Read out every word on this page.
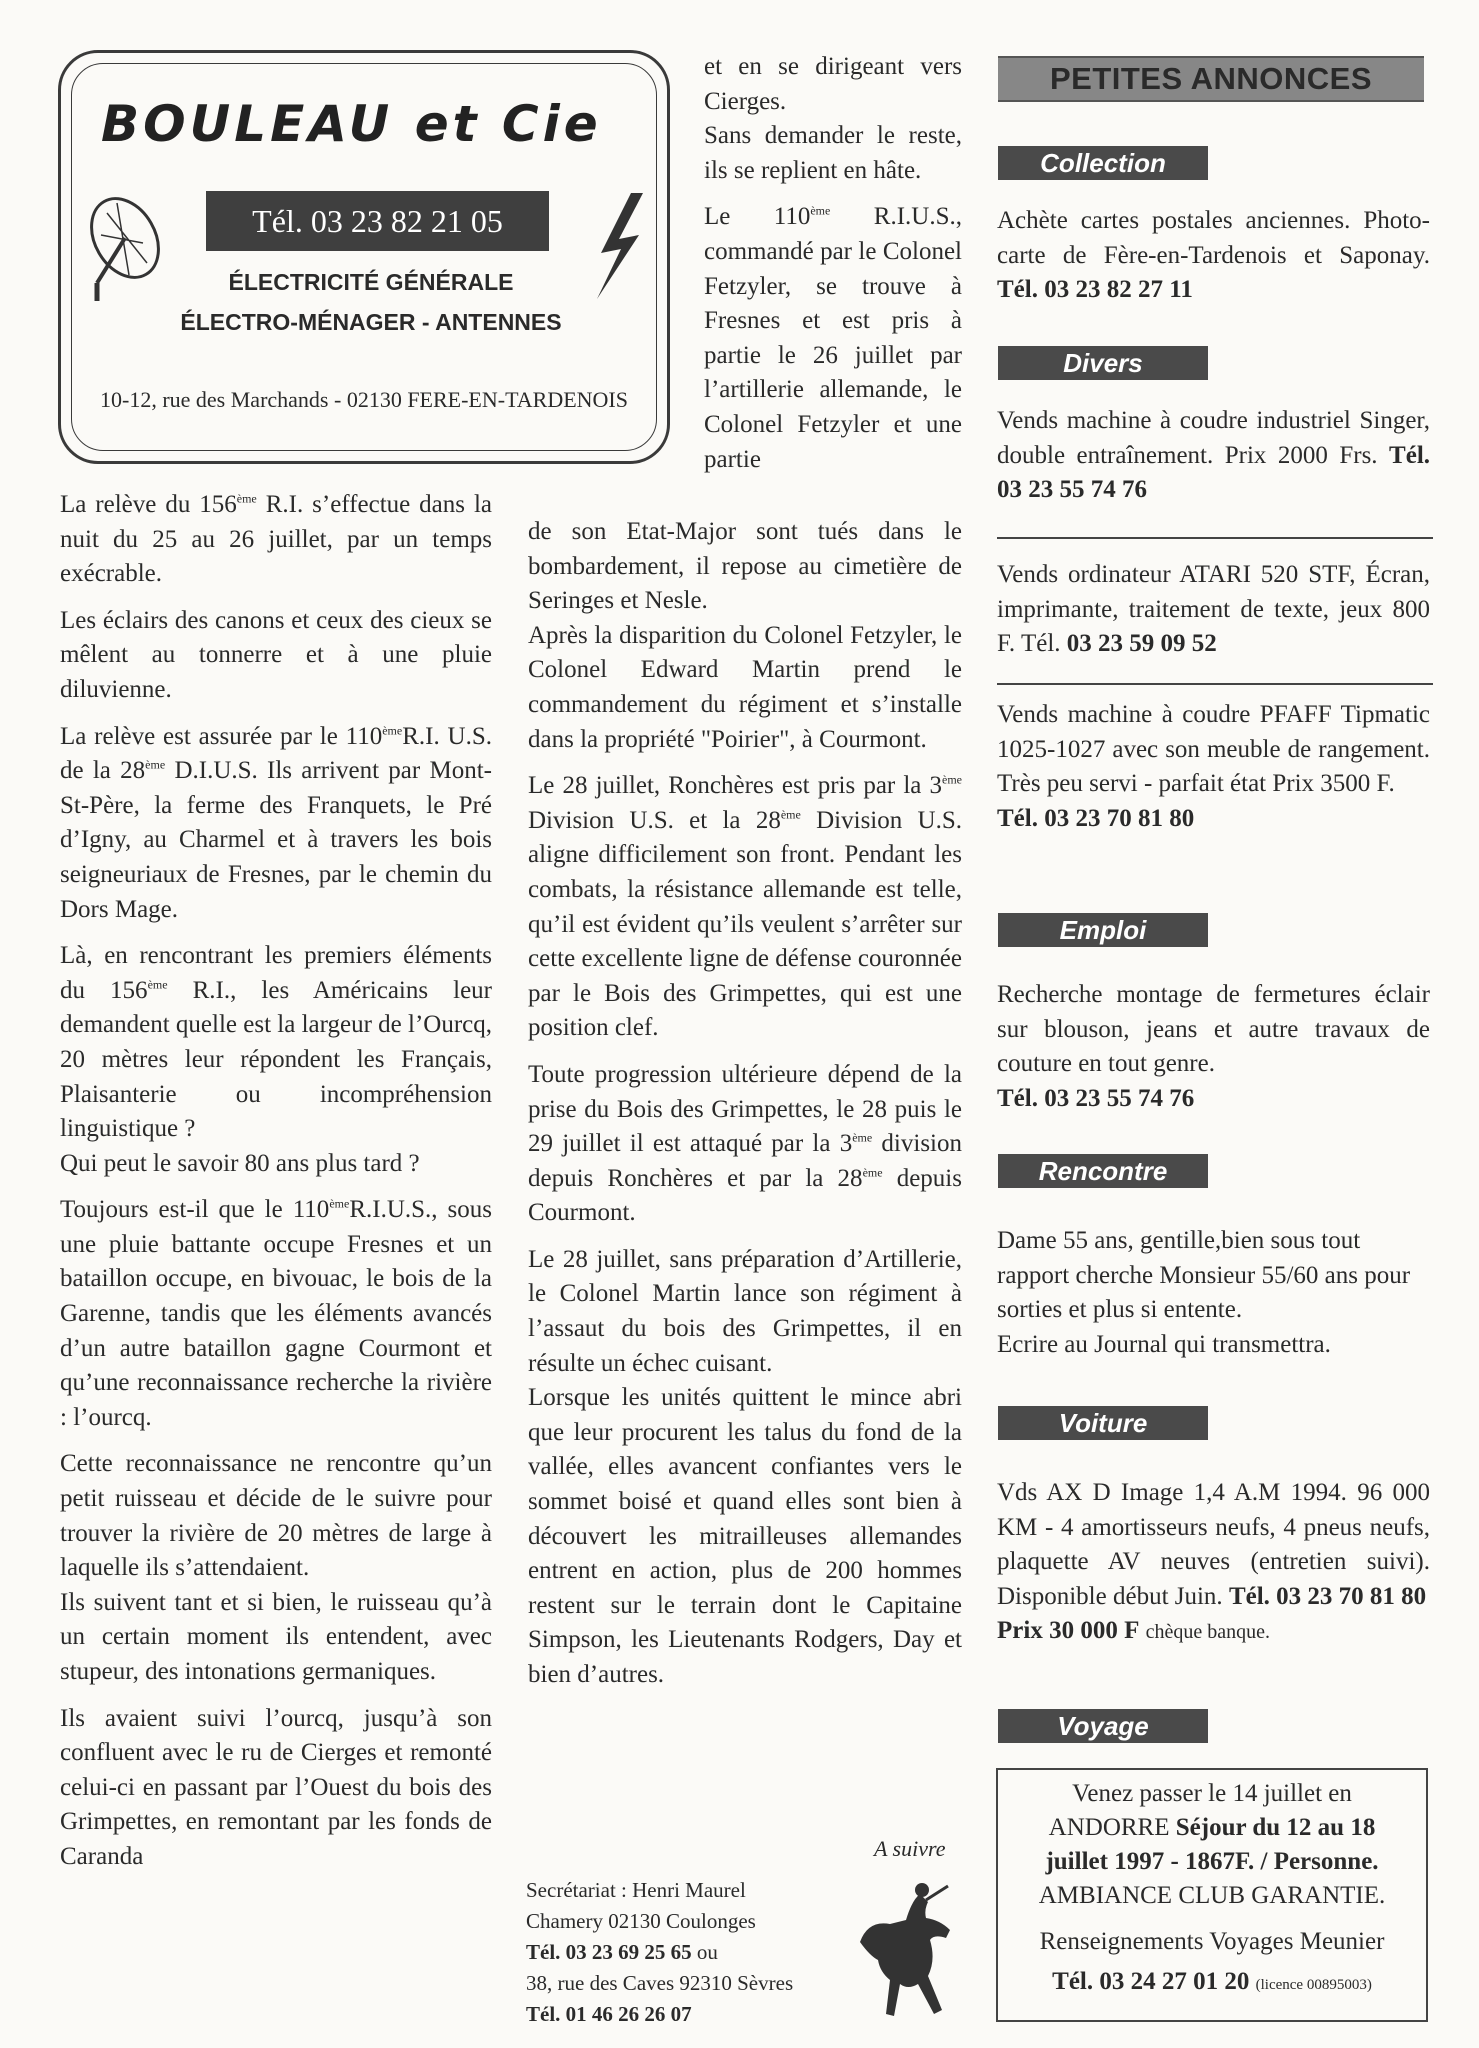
BOULEAU et Cie
Tél. 03 23 82 21 05
ÉLECTRICITÉ GÉNÉRALE
ÉLECTRO-MÉNAGER - ANTENNES
10-12, rue des Marchands - 02130 FERE-EN-TARDENOIS

La relève du 156ème R.I. s’effectue dans la nuit du 25 au 26 juillet, par un temps exécrable.

Les éclairs des canons et ceux des cieux se mêlent au tonnerre et à une pluie diluvienne.

La relève est assurée par le 110èmeR.I. U.S. de la 28ème D.I.U.S. Ils arrivent par Mont-St-Père, la ferme des Franquets, le Pré d’Igny, au Charmel et à travers les bois seigneuriaux de Fresnes, par le chemin du Dors Mage.

Là, en rencontrant les premiers éléments du 156ème R.I., les Américains leur demandent quelle est la largeur de l’Ourcq, 20 mètres leur répondent les Français, Plaisanterie ou incompréhension linguistique ?

Qui peut le savoir 80 ans plus tard ?

Toujours est-il que le 110èmeR.I.U.S., sous une pluie battante occupe Fresnes et un bataillon occupe, en bivouac, le bois de la Garenne, tandis que les éléments avancés d’un autre bataillon gagne Courmont et qu’une reconnaissance recherche la rivière : l’ourcq.

Cette reconnaissance ne rencontre qu’un petit ruisseau et décide de le suivre pour trouver la rivière de 20 mètres de large à laquelle ils s’attendaient.

Ils suivent tant et si bien, le ruisseau qu’à un certain moment ils entendent, avec stupeur, des intonations germaniques.

Ils avaient suivi l’ourcq, jusqu’à son confluent avec le ru de Cierges et remonté celui-ci en passant par l’Ouest du bois des Grimpettes, en remontant par les fonds de Caranda

et en se dirigeant vers Cierges.

Sans demander le reste, ils se replient en hâte.

Le 110ème R.I.U.S., commandé par le Colonel Fetzyler, se trouve à Fresnes et est pris à partie le 26 juillet par l’artillerie allemande, le Colonel Fetzyler et une partie

de son Etat-Major sont tués dans le bombardement, il repose au cimetière de Seringes et Nesle.

Après la disparition du Colonel Fetzyler, le Colonel Edward Martin prend le commandement du régiment et s’installe dans la propriété "Poirier", à Courmont.

Le 28 juillet, Ronchères est pris par la 3ème Division U.S. et la 28ème Division U.S. aligne difficilement son front. Pendant les combats, la résistance allemande est telle, qu’il est évident qu’ils veulent s’arrêter sur cette excellente ligne de défense couronnée par le Bois des Grimpettes, qui est une position clef.

Toute progression ultérieure dépend de la prise du Bois des Grimpettes, le 28 puis le 29 juillet il est attaqué par la 3ème division depuis Ronchères et par la 28ème depuis Courmont.

Le 28 juillet, sans préparation d’Artillerie, le Colonel Martin lance son régiment à l’assaut du bois des Grimpettes, il en résulte un échec cuisant.

Lorsque les unités quittent le mince abri que leur procurent les talus du fond de la vallée, elles avancent confiantes vers le sommet boisé et quand elles sont bien à découvert les mitrailleuses allemandes entrent en action, plus de 200 hommes restent sur le terrain dont le Capitaine Simpson, les Lieutenants Rodgers, Day et bien d’autres.

A suivre
Secrétariat : Henri Maurel
Chamery 02130 Coulonges
Tél. 03 23 69 25 65 ou
38, rue des Caves 92310 Sèvres
Tél. 01 46 26 26 07
PETITES ANNONCES
Collection
Achète cartes postales anciennes. Photo-carte de Fère-en-Tardenois et Saponay. Tél. 03 23 82 27 11
Divers
Vends machine à coudre industriel Singer, double entraînement. Prix 2000 Frs. Tél. 03 23 55 74 76
Vends ordinateur ATARI 520 STF, Écran, imprimante, traitement de texte, jeux 800 F. Tél. 03 23 59 09 52
Vends machine à coudre PFAFF Tipmatic 1025-1027 avec son meuble de rangement. Très peu servi - parfait état Prix 3500 F.
Tél. 03 23 70 81 80
Emploi
Recherche montage de fermetures éclair sur blouson, jeans et autre travaux de couture en tout genre.
Tél. 03 23 55 74 76
Rencontre
Dame 55 ans, gentille,bien sous tout rapport cherche Monsieur 55/60 ans pour sorties et plus si entente.
Ecrire au Journal qui transmettra.
Voiture
Vds AX D Image 1,4 A.M 1994. 96 000 KM - 4 amortisseurs neufs, 4 pneus neufs, plaquette AV neuves (entretien suivi). Disponible début Juin. Tél. 03 23 70 81 80
Prix 30 000 F chèque banque.
Voyage
Venez passer le 14 juillet en
ANDORRE Séjour du 12 au 18
juillet 1997 - 1867F. / Personne.
AMBIANCE CLUB GARANTIE.
Renseignements Voyages Meunier
Tél. 03 24 27 01 20 (licence 00895003)
